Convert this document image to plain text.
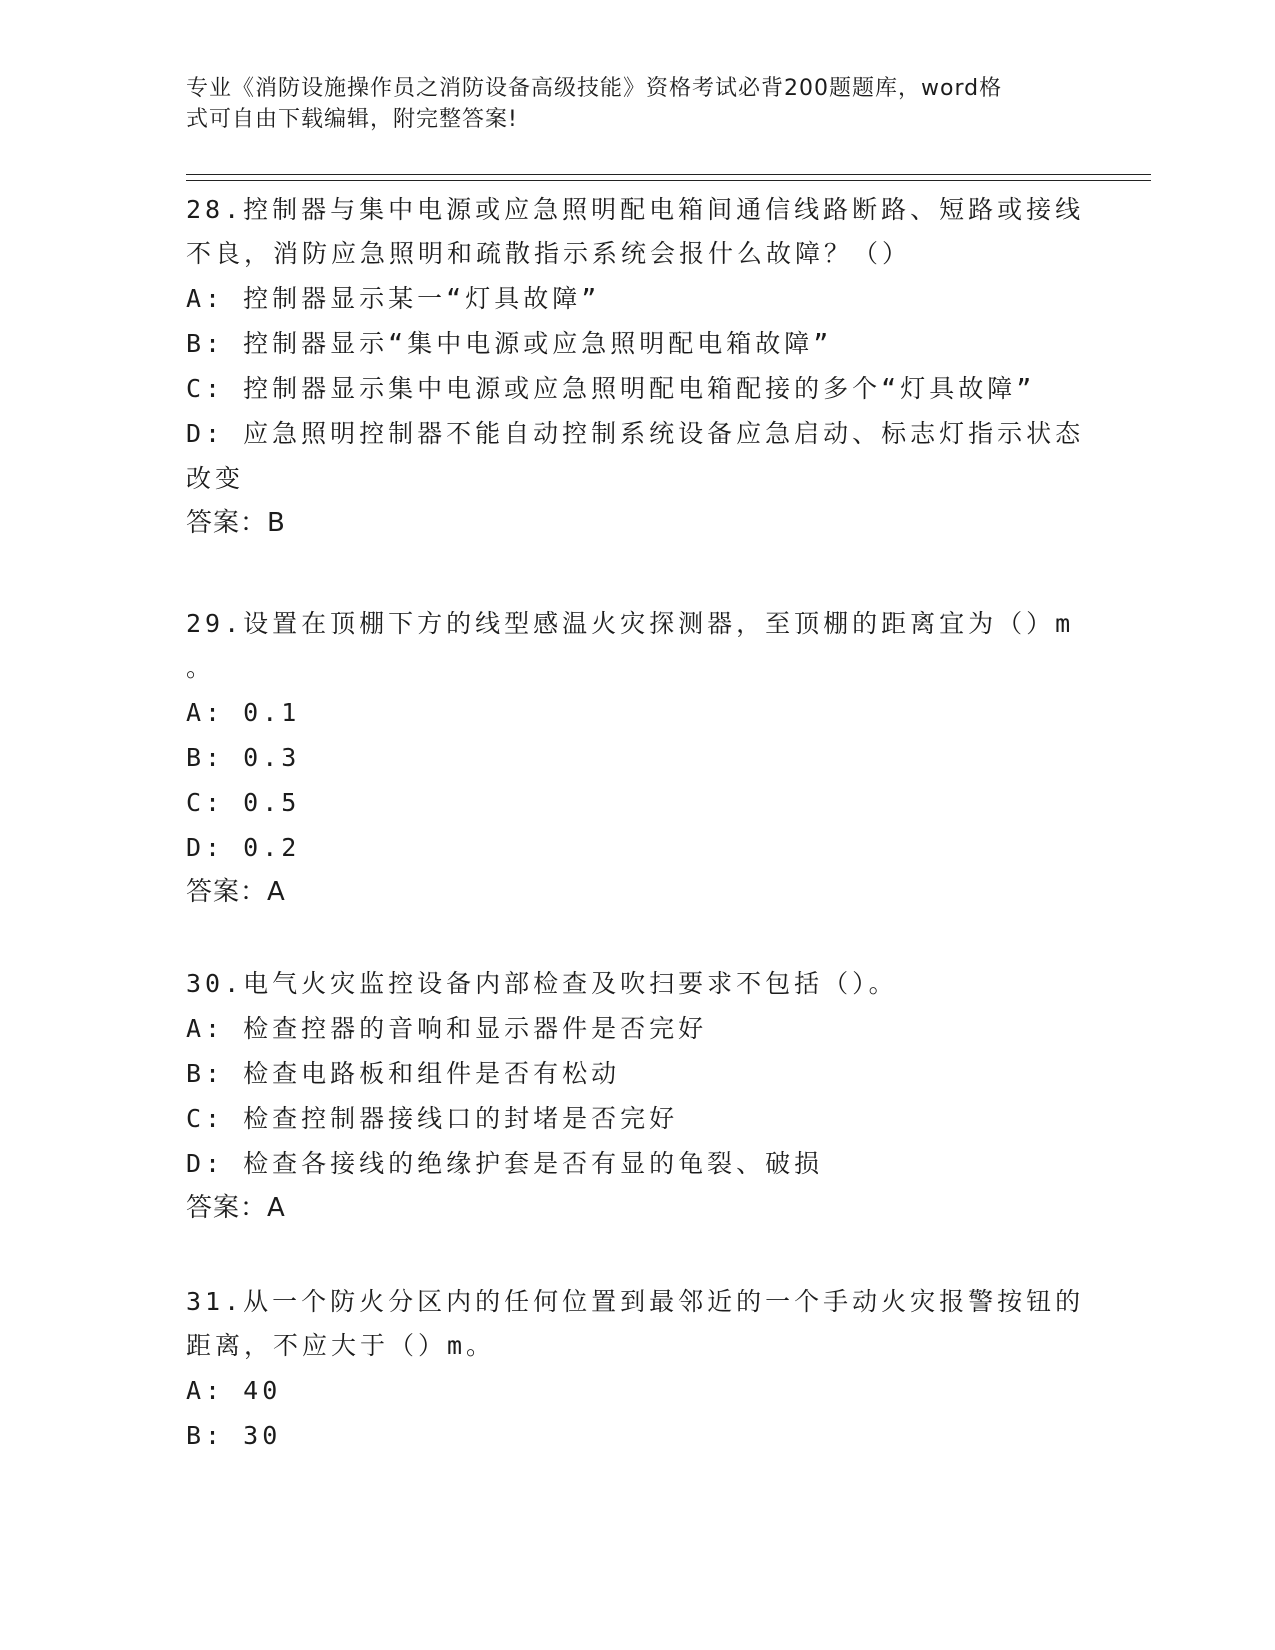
专业《消防设施操作员之消防设备高级技能》资格考试必背200题题库，word格
式可自由下载编辑，附完整答案!

28.控制器与集中电源或应急照明配电箱间通信线路断路、短路或接线

不良，消防应急照明和疏散指示系统会报什么故障？（）

A: 控制器显示某一“灯具故障”

B: 控制器显示“集中电源或应急照明配电箱故障”

C: 控制器显示集中电源或应急照明配电箱配接的多个“灯具故障”

D: 应急照明控制器不能自动控制系统设备应急启动、标志灯指示状态

改变

答案：B

29.设置在顶棚下方的线型感温火灾探测器，至顶棚的距离宜为（）m

。

A: 0.1

B: 0.3

C: 0.5

D: 0.2

答案：A

30.电气火灾监控设备内部检查及吹扫要求不包括（）。

A: 检查控器的音响和显示器件是否完好

B: 检查电路板和组件是否有松动

C: 检查控制器接线口的封堵是否完好

D: 检查各接线的绝缘护套是否有显的龟裂、破损

答案：A

31.从一个防火分区内的任何位置到最邻近的一个手动火灾报警按钮的

距离，不应大于（）m。

A: 40

B: 30
